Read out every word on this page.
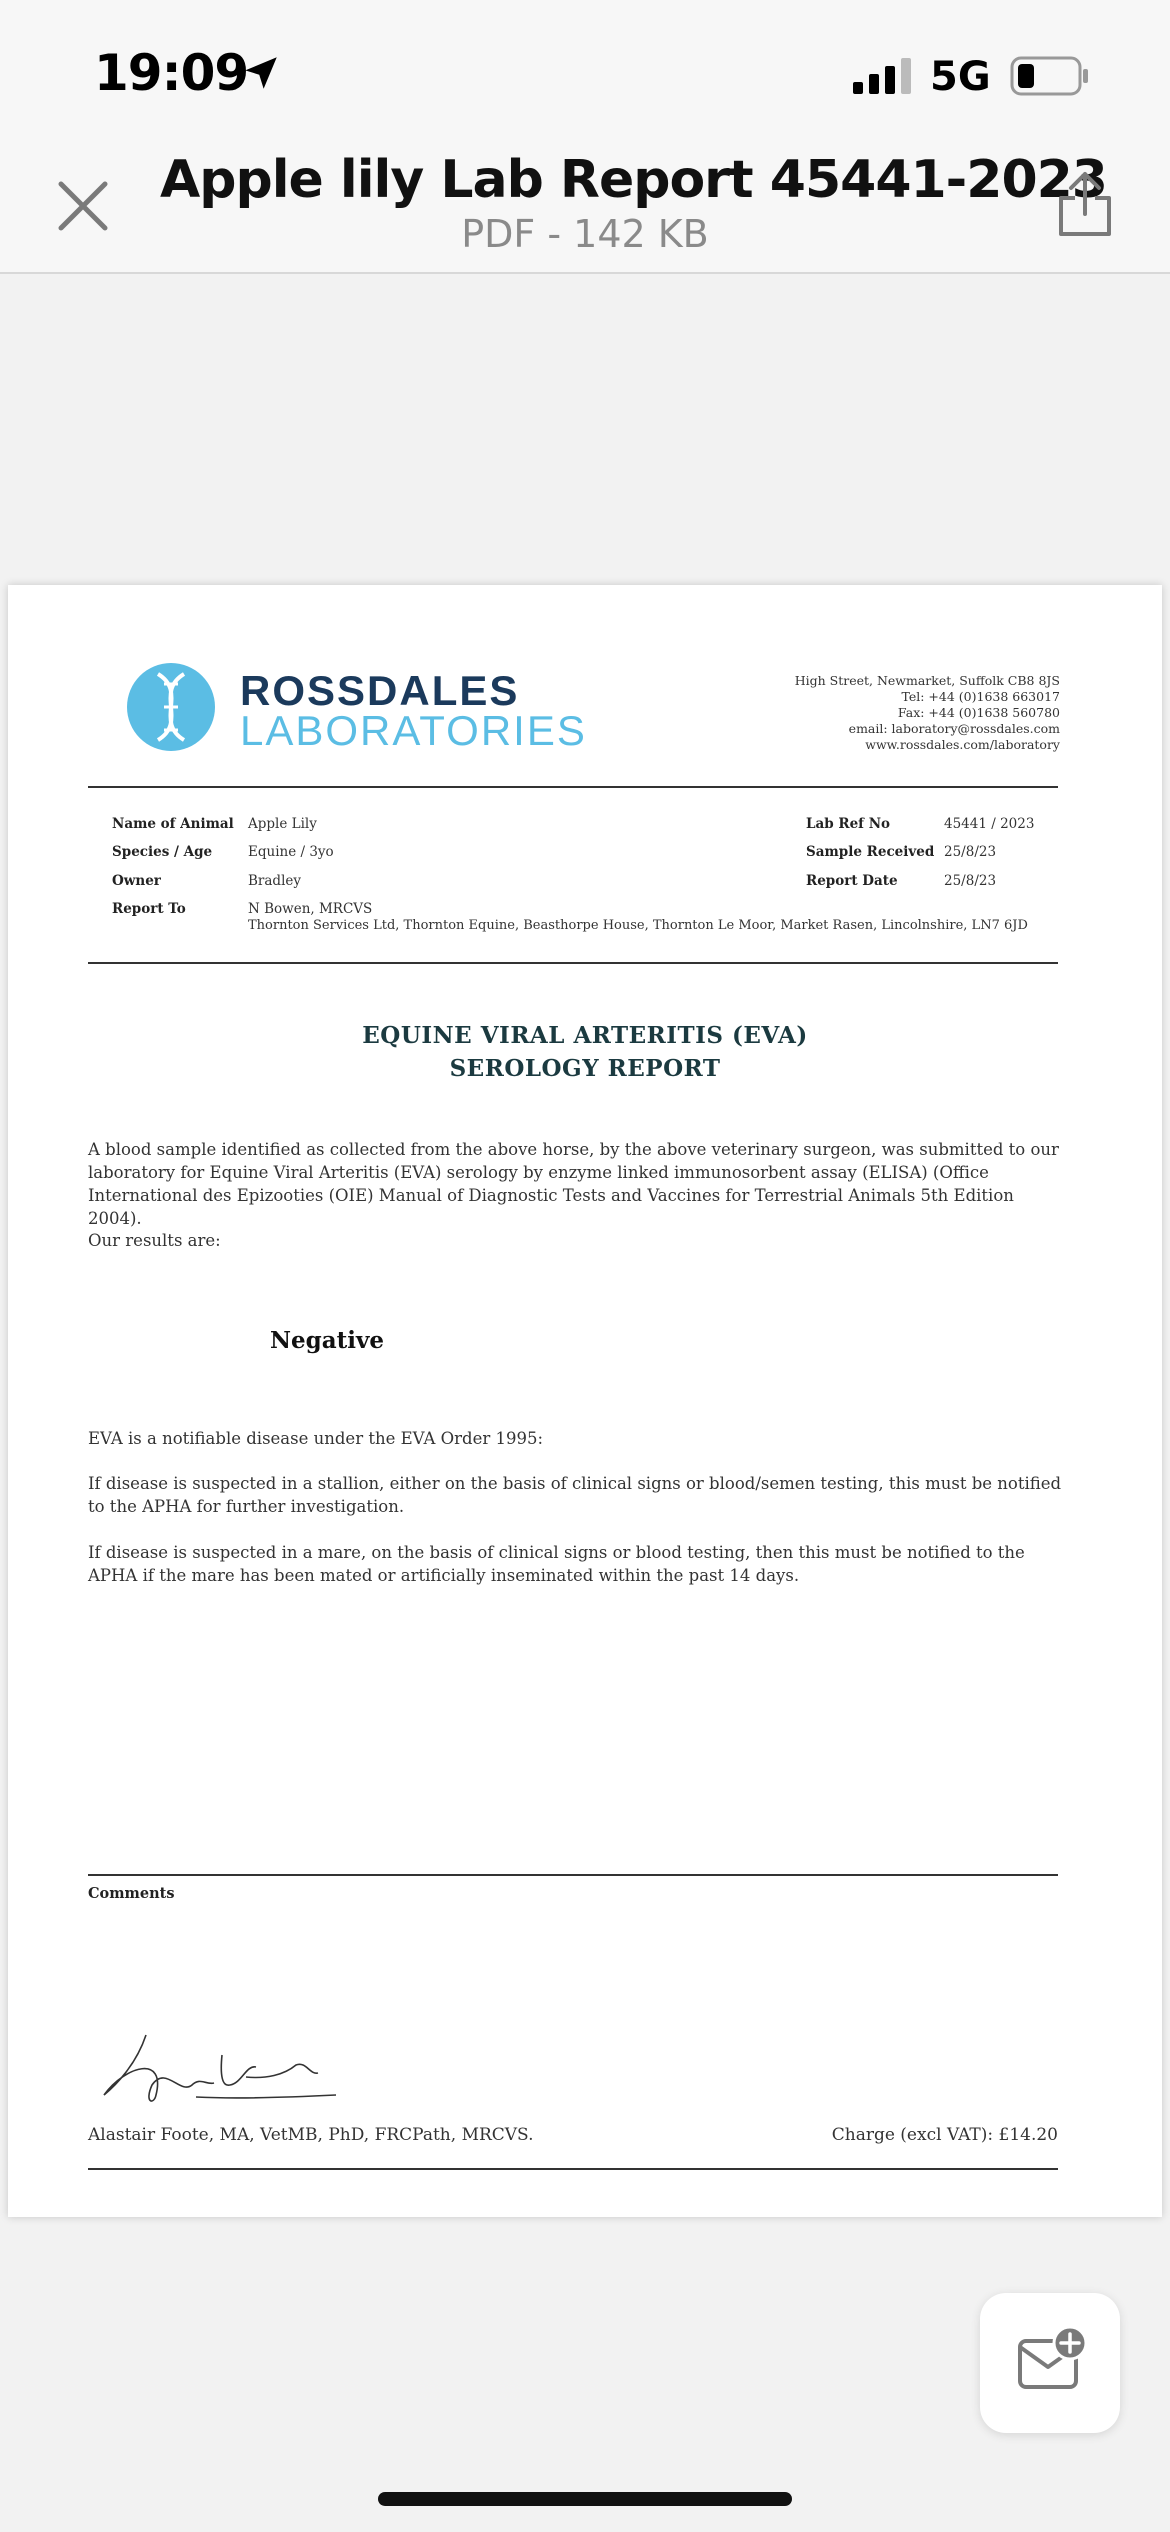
19:09	5G
Apple lily Lab Report 45441-2023
PDF - 142 KB
ROSSDALES
LABORATORIES
High Street, Newmarket, Suffolk CB8 8JS
Tel: +44 (0)1638 663017
Fax: +44 (0)1638 560780
email: laboratory@rossdales.com
www.rossdales.com/laboratory
Name of Animal Apple Lily
Species / Age	Equine / 3yo
Owner	Bradley
Report To	N Bowen, MRCVS
Thornton Services Ltd, Thornton Equine, Beasthorpe House, Thornton Le Moor, Market Rasen, Lincolnshire, LN7 6JD
Lab Ref No	45441 / 2023
Sample Received 25/8/23
Report Date	25/8/23
EQUINE VIRAL ARTERITIS (EVA)
SEROLOGY REPORT
A blood sample identified as collected from the above horse, by the above veterinary surgeon, was submitted to our laboratory for Equine Viral Arteritis (EVA) serology by enzyme linked immunosorbent assay (ELISA) (Office International des Epizooties (OIE) Manual of Diagnostic Tests and Vaccines for Terrestrial Animals 5th Edition 2004).
Our results are:
Negative
EVA is a notifiable disease under the EVA Order 1995:
If disease is suspected in a stallion, either on the basis of clinical signs or blood/semen testing, this must be notified to the APHA for further investigation.
If disease is suspected in a mare, on the basis of clinical signs or blood testing, then this must be notified to the APHA if the mare has been mated or artificially inseminated within the past 14 days.
Comments
Alastair Foote, MA, VetMB, PhD, FRCPath, MRCVS.	Charge (excl VAT): £14.20
